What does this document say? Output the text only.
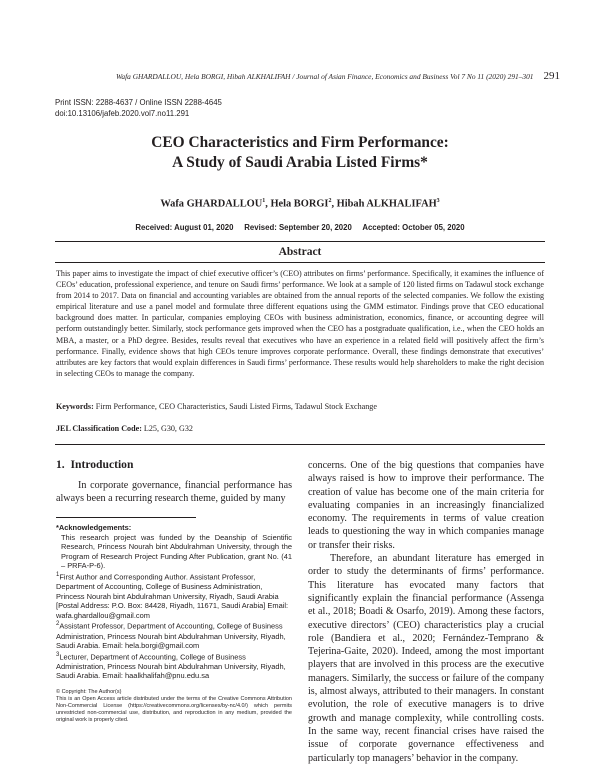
Wafa GHARDALLOU, Hela BORGI, Hibah ALKHALIFAH / Journal of Asian Finance, Economics and Business Vol 7 No 11 (2020) 291–301 291
Print ISSN: 2288-4637 / Online ISSN 2288-4645
doi:10.13106/jafeb.2020.vol7.no11.291
CEO Characteristics and Firm Performance:
A Study of Saudi Arabia Listed Firms*
Wafa GHARDALLOU$^1$, Hela BORGI$^2$, Hibah ALKHALIFAH$^3$
Received: August 01, 2020     Revised: September 20, 2020     Accepted: October 05, 2020
Abstract
This paper aims to investigate the impact of chief executive officer’s (CEO) attributes on firms’ performance. Specifically, it examines the influence of CEOs’ education, professional experience, and tenure on Saudi firms’ performance. We look at a sample of 120 listed firms on Tadawul stock exchange from 2014 to 2017. Data on financial and accounting variables are obtained from the annual reports of the selected companies. We follow the existing empirical literature and use a panel model and formulate three different equations using the GMM estimator. Findings prove that CEO educational background does matter. In particular, companies employing CEOs with business administration, economics, finance, or accounting degree will perform outstandingly better. Similarly, stock performance gets improved when the CEO has a postgraduate qualification, i.e., when the CEO holds an MBA, a master, or a PhD degree. Besides, results reveal that executives who have an experience in a related field will positively affect the firm’s performance. Finally, evidence shows that high CEOs tenure improves corporate performance. Overall, these findings demonstrate that executives’ attributes are key factors that would explain differences in Saudi firms’ performance. These results would help shareholders to make the right decision in selecting CEOs to manage the company.
Keywords: Firm Performance, CEO Characteristics, Saudi Listed Firms, Tadawul Stock Exchange
JEL Classification Code: L25, G30, G32
1.  Introduction

In corporate governance, financial performance has always been a recurring research theme, guided by many

*Acknowledgements:

This research project was funded by the Deanship of Scientific Research, Princess Nourah bint Abdulrahman University, through the Program of Research Project Funding After Publication, grant No. (41 – PRFA-P-6).

$^1$First Author and Corresponding Author. Assistant Professor, Department of Accounting, College of Business Administration, Princess Nourah bint Abdulrahman University, Riyadh, Saudi Arabia [Postal Address: P.O. Box: 84428, Riyadh, 11671, Saudi Arabia] Email: wafa.ghardallou@gmail.com

$^2$Assistant Professor, Department of Accounting, College of Business Administration, Princess Nourah bint Abdulrahman University, Riyadh, Saudi Arabia. Email: hela.borgi@gmail.com

$^3$Lecturer, Department of Accounting, College of Business Administration, Princess Nourah bint Abdulrahman University, Riyadh, Saudi Arabia. Email: haalkhalifah@pnu.edu.sa

© Copyright: The Author(s)

This is an Open Access article distributed under the terms of the Creative Commons Attribution Non-Commercial License (https://creativecommons.org/licenses/by-nc/4.0/) which permits unrestricted non-commercial use, distribution, and reproduction in any medium, provided the original work is properly cited.

concerns. One of the big questions that companies have always raised is how to improve their performance. The creation of value has become one of the main criteria for evaluating companies in an increasingly financialized economy. The requirements in terms of value creation leads to questioning the way in which companies manage or transfer their risks.

Therefore, an abundant literature has emerged in order to study the determinants of firms’ performance. This literature has evocated many factors that significantly explain the financial performance (Assenga et al., 2018; Boadi & Osarfo, 2019). Among these factors, executive directors’ (CEO) characteristics play a crucial role (Bandiera et al., 2020; Fernández-Temprano & Tejerina-Gaite, 2020). Indeed, among the most important players that are involved in this process are the executive managers. Similarly, the success or failure of the company is, almost always, attributed to their managers. In constant evolution, the role of executive managers is to drive growth and manage complexity, while controlling costs. In the same way, recent financial crises have raised the issue of corporate governance effectiveness and particularly top managers’ behavior in the company.
